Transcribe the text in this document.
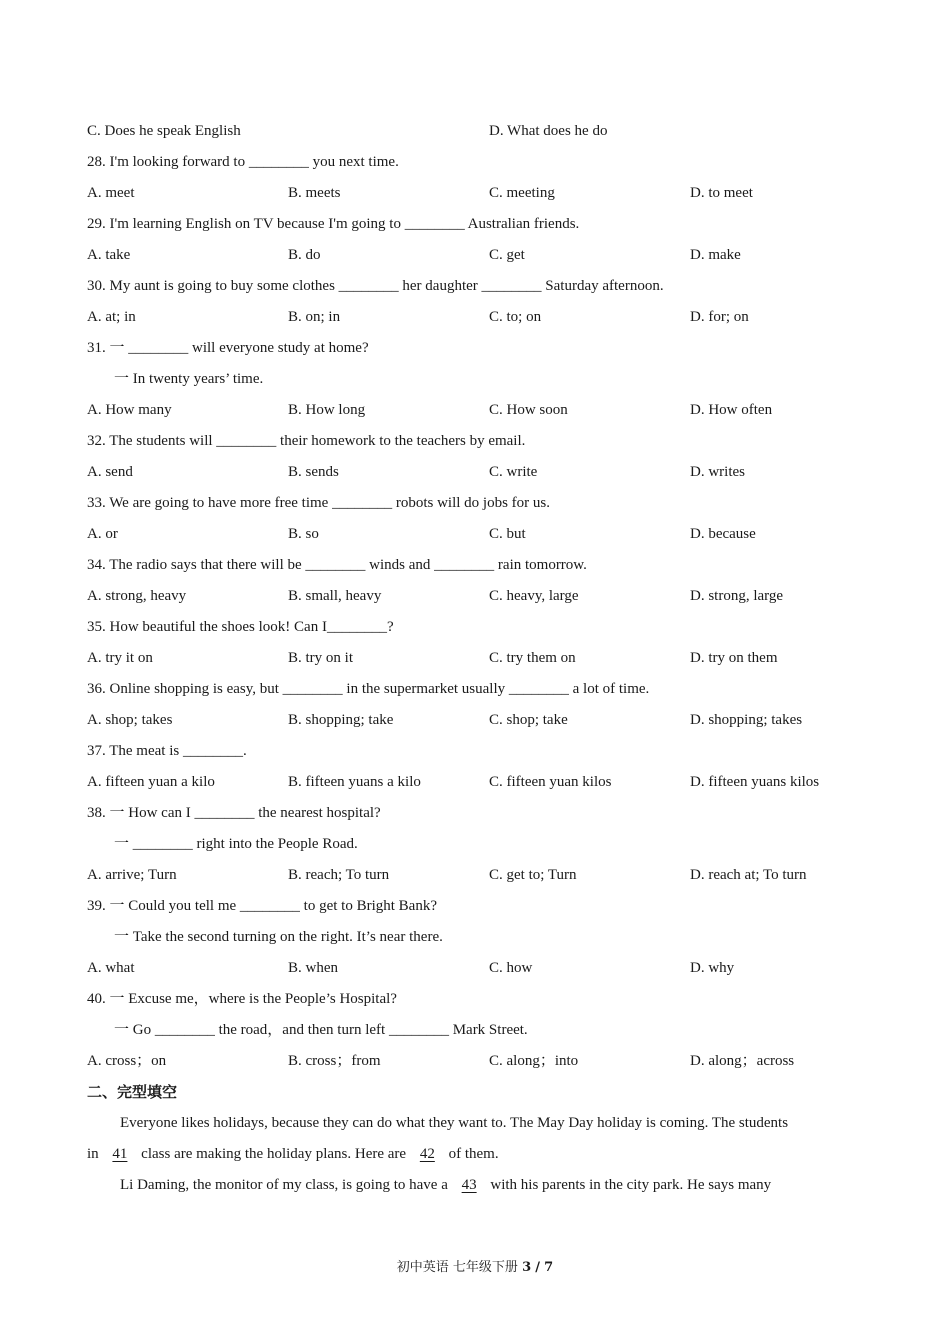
C. Does he speak English	D. What does he do
28. I'm looking forward to ________ you next time.
A. meet	B. meets	C. meeting	D. to meet
29. I'm learning English on TV because I'm going to ________ Australian friends.
A. take	B. do	C. get	D. make
30. My aunt is going to buy some clothes ________ her daughter ________ Saturday afternoon.
A. at; in	B. on; in	C. to; on	D. for; on
31. 一 ________ will everyone study at home?
一 In twenty years’ time.
A. How many	B. How long	C. How soon	D. How often
32. The students will ________ their homework to the teachers by email.
A. send	B. sends	C. write	D. writes
33. We are going to have more free time ________ robots will do jobs for us.
A. or	B. so	C. but	D. because
34. The radio says that there will be ________ winds and ________ rain tomorrow.
A. strong, heavy	B. small, heavy	C. heavy, large	D. strong, large
35. How beautiful the shoes look! Can I________?
A. try it on	B. try on it	C. try them on	D. try on them
36. Online shopping is easy, but ________ in the supermarket usually ________ a lot of time.
A. shop; takes	B. shopping; take	C. shop; take	D. shopping; takes
37. The meat is ________.
A. fifteen yuan a kilo	B. fifteen yuans a kilo	C. fifteen yuan kilos	D. fifteen yuans kilos
38. 一 How can I ________ the nearest hospital?
一 ________ right into the People Road.
A. arrive; Turn	B. reach; To turn	C. get to; Turn	D. reach at; To turn
39. 一 Could you tell me ________ to get to Bright Bank?
一 Take the second turning on the right. It’s near there.
A. what	B. when	C. how	D. why
40. 一 Excuse me，where is the People’s Hospital?
一 Go ________ the road，and then turn left ________ Mark Street.
A. cross；on	B. cross；from	C. along；into	D. along；across
二、完型填空
Everyone likes holidays, because they can do what they want to. The May Day holiday is coming. The students
in 41 class are making the holiday plans. Here are 42 of them.
Li Daming, the monitor of my class, is going to have a 43 with his parents in the city park. He says many
初中英语 七年级下册 3 / 7
